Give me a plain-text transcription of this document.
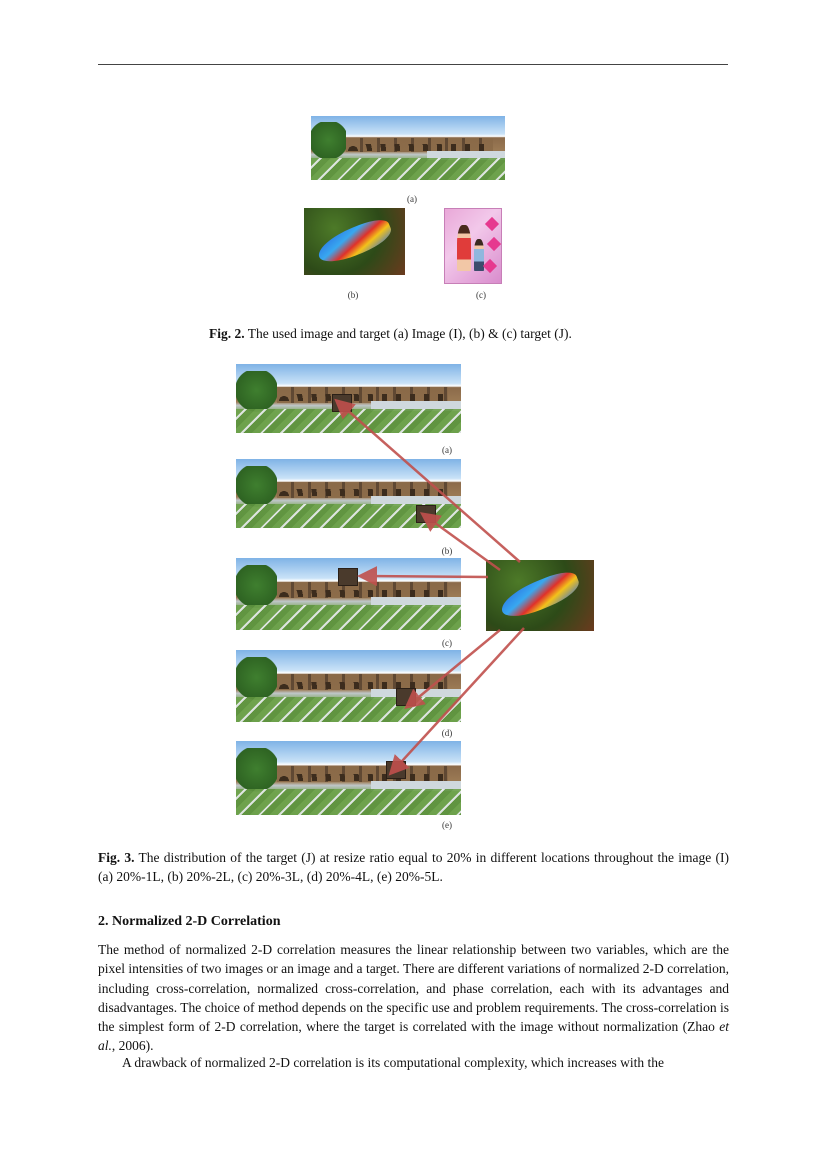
(a)
(b)	(c)
Fig. 2. The used image and target (a) Image (I), (b) & (c) target (J).
(a)
(b)
(c)
(d)
(e)
Fig. 3. The distribution of the target (J) at resize ratio equal to 20% in different locations throughout the image (I) (a) 20%-1L, (b) 20%-2L, (c) 20%-3L, (d) 20%-4L, (e) 20%-5L.
2. Normalized 2-D Correlation
The method of normalized 2-D correlation measures the linear relationship between two variables, which are the pixel intensities of two images or an image and a target. There are different variations of normalized 2-D correlation, including cross-correlation, normalized cross-correlation, and phase correlation, each with its advantages and disadvantages. The choice of method depends on the specific use and problem requirements. The cross-correlation is the simplest form of 2-D correlation, where the target is correlated with the image without normalization (Zhao et al., 2006).
A drawback of normalized 2-D correlation is its computational complexity, which increases with the
